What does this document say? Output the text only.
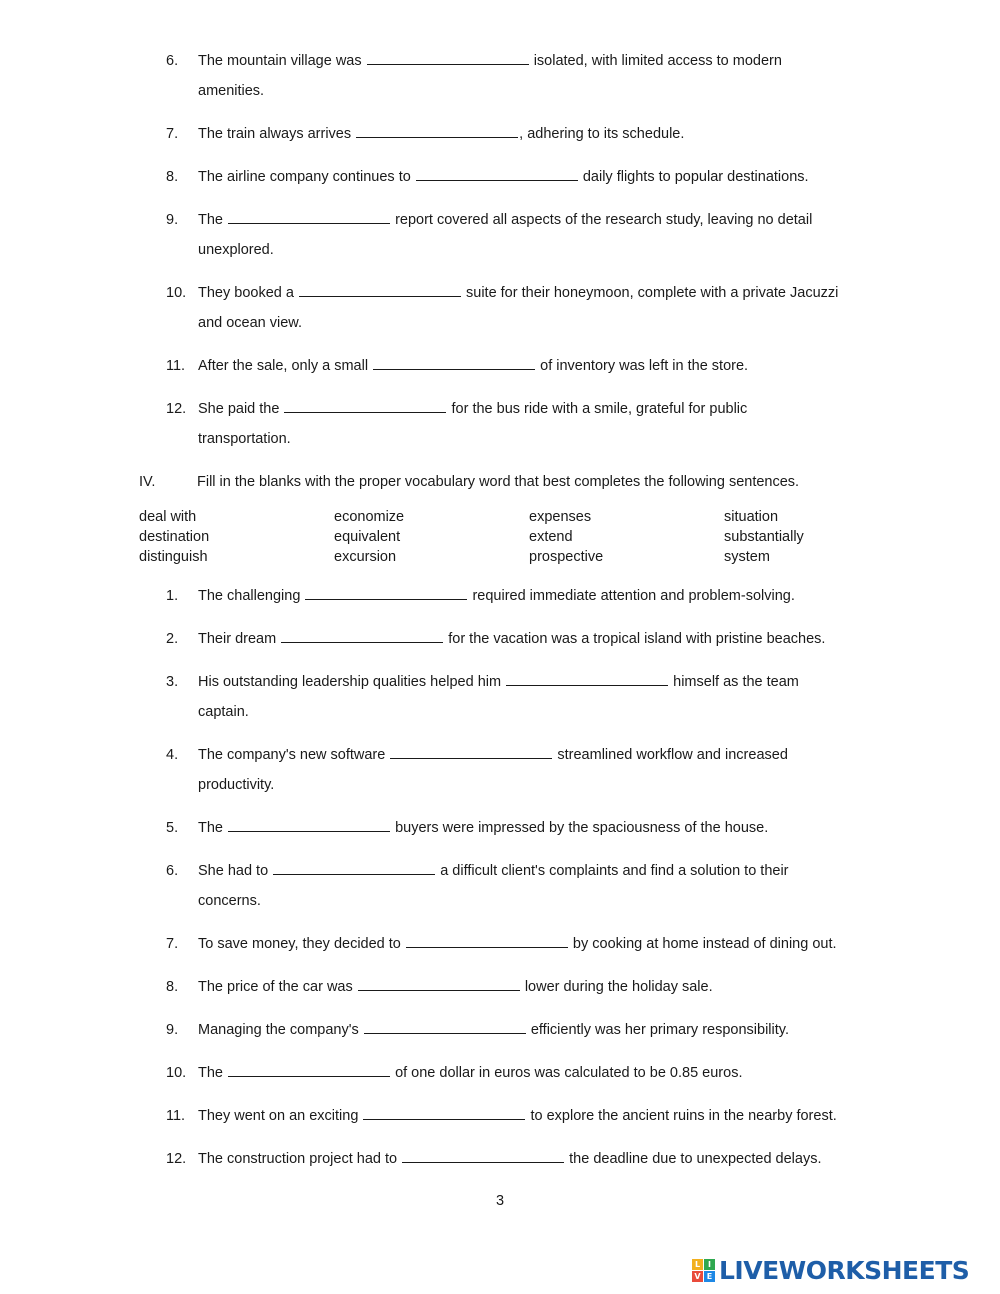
6.	The mountain village was	isolated, with limited access to modern
amenities.
7.	The train always arrives	, adhering to its schedule.
8.	The airline company continues to	daily flights to popular destinations.
9.	The	report covered all aspects of the research study, leaving no detail
unexplored.
10. They booked a	suite for their honeymoon, complete with a private Jacuzzi
and ocean view.
11. After the sale, only a small	of inventory was left in the store.
12. She paid the	for the bus ride with a smile, grateful for public
transportation.
IV.	Fill in the blanks with the proper vocabulary word that best completes the following sentences.
deal with	economize	expenses	situation
destination	equivalent	extend	substantially
distinguish	excursion	prospective	system
1.	The challenging	required immediate attention and problem-solving.
2.	Their dream	for the vacation was a tropical island with pristine beaches.
3.	His outstanding leadership qualities helped him	himself as the team
captain.
4.	The company's new software	streamlined workflow and increased
productivity.
5.	The	buyers were impressed by the spaciousness of the house.
6.	She had to	a difficult client's complaints and find a solution to their
concerns.
7.	To save money, they decided to	by cooking at home instead of dining out.
8.	The price of the car was	lower during the holiday sale.
9.	Managing the company's	efficiently was her primary responsibility.
10. The	of one dollar in euros was calculated to be 0.85 euros.
11. They went on an exciting	to explore the ancient ruins in the nearby forest.
12. The construction project had to	the deadline due to unexpected delays.
3
L I
V E LIVEWORKSHEETS
